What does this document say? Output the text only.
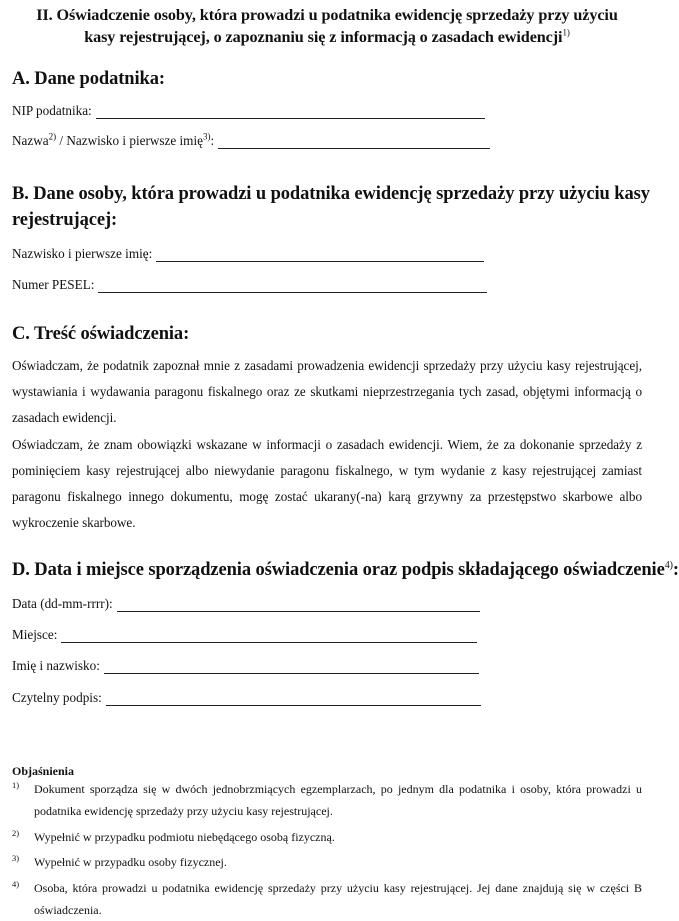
II. Oświadczenie osoby, która prowadzi u podatnika ewidencję sprzedaży przy użyciu
kasy rejestrującej, o zapoznaniu się z informacją o zasadach ewidencji$^{1)}$
A. Dane podatnika:
NIP podatnika:
Nazwa$^{2)}$ / Nazwisko i pierwsze imię$^{3)}$:
B. Dane osoby, która prowadzi u podatnika ewidencję sprzedaży przy użyciu kasy
rejestrującej:
Nazwisko i pierwsze imię:
Numer PESEL:
C. Treść oświadczenia:
Oświadczam, że podatnik zapoznał mnie z zasadami prowadzenia ewidencji sprzedaży przy użyciu kasy rejestrującej, wystawiania i wydawania paragonu fiskalnego oraz ze skutkami nieprzestrzegania tych zasad, objętymi informacją o zasadach ewidencji.
Oświadczam, że znam obowiązki wskazane w informacji o zasadach ewidencji. Wiem, że za dokonanie sprzedaży z pominięciem kasy rejestrującej albo niewydanie paragonu fiskalnego, w tym wydanie z kasy rejestrującej zamiast paragonu fiskalnego innego dokumentu, mogę zostać ukarany(-na) karą grzywny za przestępstwo skarbowe albo wykroczenie skarbowe.
D. Data i miejsce sporządzenia oświadczenia oraz podpis składającego oświadczenie$^{4)}$:
Data (dd-mm-rrrr):
Miejsce:
Imię i nazwisko:
Czytelny podpis:
Objaśnienia
1)	Dokument sporządza się w dwóch jednobrzmiących egzemplarzach, po jednym dla podatnika i osoby, która prowadzi u podatnika ewidencję sprzedaży przy użyciu kasy rejestrującej.
2)	Wypełnić w przypadku podmiotu niebędącego osobą fizyczną.
3)	Wypełnić w przypadku osoby fizycznej.
4)	Osoba, która prowadzi u podatnika ewidencję sprzedaży przy użyciu kasy rejestrującej. Jej dane znajdują się w części B oświadczenia.
